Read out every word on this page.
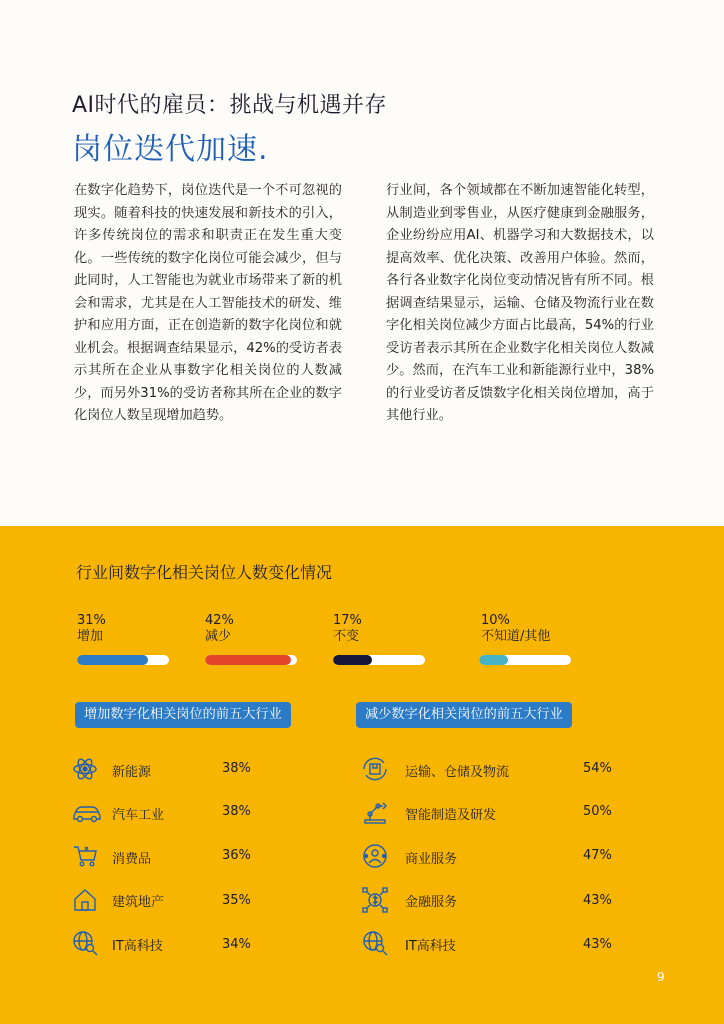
AI时代的雇员：挑战与机遇并存
岗位迭代加速.
在数字化趋势下，岗位迭代是一个不可忽视的现实。随着科技的快速发展和新技术的引入，许多传统岗位的需求和职责正在发生重大变化。一些传统的数字化岗位可能会减少，但与此同时，人工智能也为就业市场带来了新的机会和需求，尤其是在人工智能技术的研发、维护和应用方面，正在创造新的数字化岗位和就业机会。根据调查结果显示，42%的受访者表示其所在企业从事数字化相关岗位的人数减少，而另外31%的受访者称其所在企业的数字化岗位人数呈现增加趋势。
行业间，各个领域都在不断加速智能化转型，从制造业到零售业，从医疗健康到金融服务，企业纷纷应用AI、机器学习和大数据技术，以提高效率、优化决策、改善用户体验。然而，各行各业数字化岗位变动情况皆有所不同。根据调查结果显示，运输、仓储及物流行业在数字化相关岗位减少方面占比最高，54%的行业受访者表示其所在企业数字化相关岗位人数减少。然而，在汽车工业和新能源行业中，38%的行业受访者反馈数字化相关岗位增加，高于其他行业。
行业间数字化相关岗位人数变化情况
31%
增加
42%
减少
17%
不变
10%
不知道/其他
增加数字化相关岗位的前五大行业	减少数字化相关岗位的前五大行业
新能源	38%
汽车工业	38%
消费品	36%
建筑地产	35%
IT高科技	34%
运输、仓储及物流	54%
智能制造及研发	50%
商业服务	47%
金融服务	43%
IT高科技	43%
9
